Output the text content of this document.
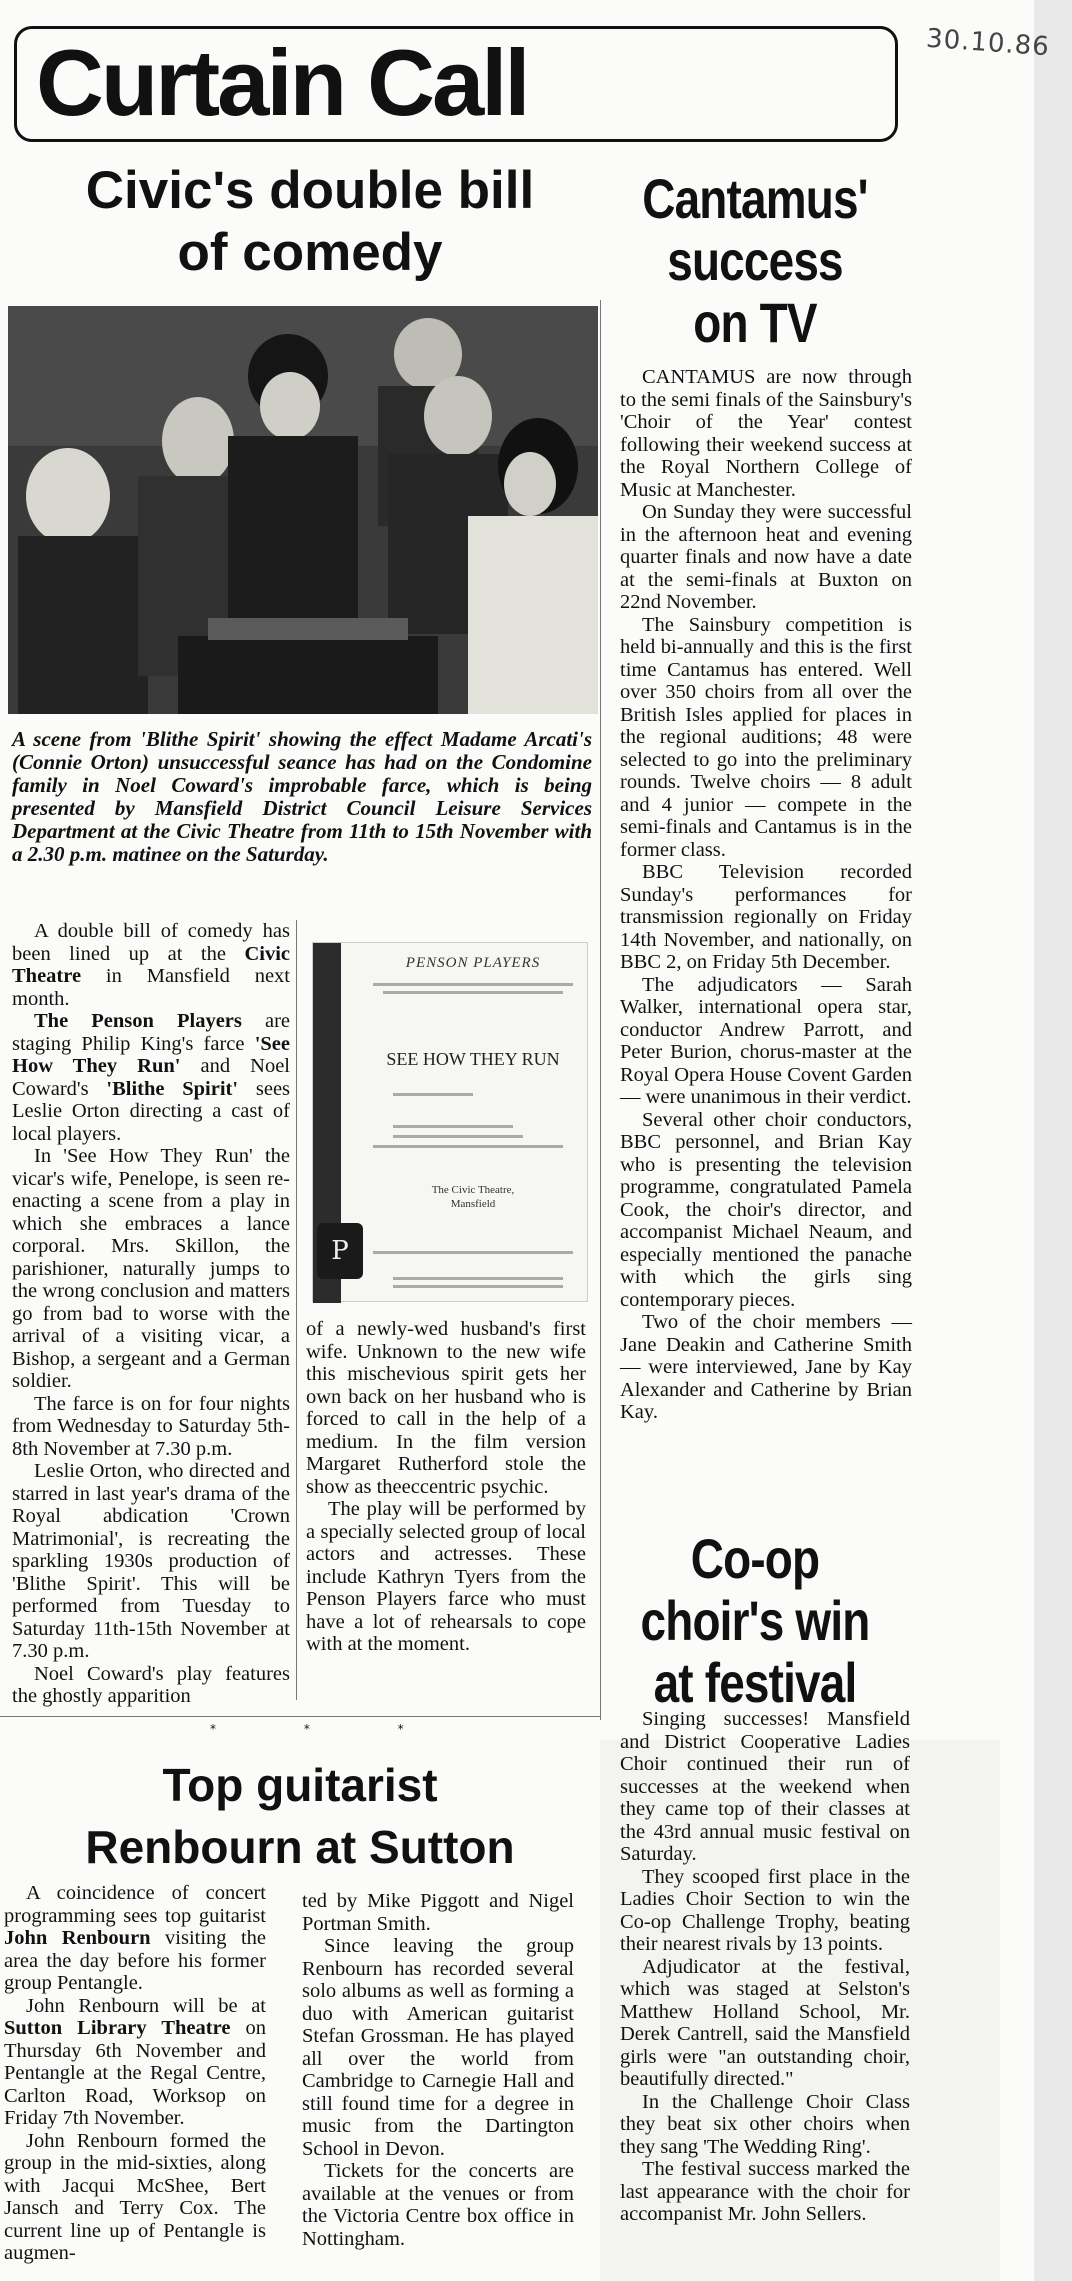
30.10.86
Curtain Call
Civic's double bill
of comedy
Cantamus'
success
on TV
A scene from 'Blithe Spirit' showing the effect Madame Arcati's (Connie Orton) unsuccessful seance has had on the Condomine family in Noel Coward's improbable farce, which is being presented by Mansfield District Council Leisure Services Department at the Civic Theatre from 11th to 15th November with a 2.30 p.m. matinee on the Saturday.

A double bill of comedy has been lined up at the Civic Theatre in Mansfield next month.

The Penson Players are staging Philip King's farce 'See How They Run' and Noel Coward's 'Blithe Spirit' sees Leslie Orton directing a cast of local players.

In 'See How They Run' the vicar's wife, Penelope, is seen re-enacting a scene from a play in which she embraces a lance corporal. Mrs. Skillon, the parishioner, naturally jumps to the wrong conclusion and matters go from bad to worse with the arrival of a visiting vicar, a Bishop, a sergeant and a German soldier.

The farce is on for four nights from Wednesday to Saturday 5th-8th November at 7.30 p.m.

Leslie Orton, who directed and starred in last year's drama of the Royal abdication 'Crown Matrimonial', is recreating the sparkling 1930s production of 'Blithe Spirit'. This will be performed from Tuesday to Saturday 11th-15th November at 7.30 p.m.

Noel Coward's play features the ghostly apparition

P
PENSON PLAYERS
SEE HOW THEY RUN
The Civic Theatre,
Mansfield

of a newly-wed husband's first wife. Unknown to the new wife this mischevious spirit gets her own back on her husband who is forced to call in the help of a medium. In the film version Margaret Rutherford stole the show as theeccentric psychic.

The play will be performed by a specially selected group of local actors and actresses. These include Kathryn Tyers from the Penson Players farce who must have a lot of rehearsals to cope with at the moment.

CANTAMUS are now through to the semi finals of the Sainsbury's 'Choir of the Year' contest following their weekend success at the Royal Northern College of Music at Manchester.

On Sunday they were successful in the afternoon heat and evening quarter finals and now have a date at the semi-finals at Buxton on 22nd November.

The Sainsbury competition is held bi-annually and this is the first time Cantamus has entered. Well over 350 choirs from all over the British Isles applied for places in the regional auditions; 48 were selected to go into the preliminary rounds. Twelve choirs — 8 adult and 4 junior — compete in the semi-finals and Cantamus is in the former class.

BBC Television recorded Sunday's performances for transmission regionally on Friday 14th November, and nationally, on BBC 2, on Friday 5th December.

The adjudicators — Sarah Walker, international opera star, conductor Andrew Parrott, and Peter Burion, chorus-master at the Royal Opera House Covent Garden — were unanimous in their verdict.

Several other choir conductors, BBC personnel, and Brian Kay who is presenting the television programme, congratulated Pamela Cook, the choir's director, and accompanist Michael Neaum, and especially mentioned the panache with which the girls sing contemporary pieces.

Two of the choir members — Jane Deakin and Catherine Smith — were interviewed, Jane by Kay Alexander and Catherine by Brian Kay.

Co-op
choir's win
at festival

Singing successes! Mansfield and District Cooperative Ladies Choir continued their run of successes at the weekend when they came top of their classes at the 43rd annual music festival on Saturday.

They scooped first place in the Ladies Choir Section to win the Co-op Challenge Trophy, beating their nearest rivals by 13 points.

Adjudicator at the festival, which was staged at Selston's Matthew Holland School, Mr. Derek Cantrell, said the Mansfield girls were "an outstanding choir, beautifully directed."

In the Challenge Choir Class they beat six other choirs when they sang 'The Wedding Ring'.

The festival success marked the last appearance with the choir for accompanist Mr. John Sellers.

* * *
Top guitarist
Renbourn at Sutton

A coincidence of concert programming sees top guitarist John Renbourn visiting the area the day before his former group Pentangle.

John Renbourn will be at Sutton Library Theatre on Thursday 6th November and Pentangle at the Regal Centre, Carlton Road, Worksop on Friday 7th November.

John Renbourn formed the group in the mid-sixties, along with Jacqui McShee, Bert Jansch and Terry Cox. The current line up of Pentangle is augmen-

ted by Mike Piggott and Nigel Portman Smith.

Since leaving the group Renbourn has recorded several solo albums as well as forming a duo with American guitarist Stefan Grossman. He has played all over the world from Cambridge to Carnegie Hall and still found time for a degree in music from the Dartington School in Devon.

Tickets for the concerts are available at the venues or from the Victoria Centre box office in Nottingham.
